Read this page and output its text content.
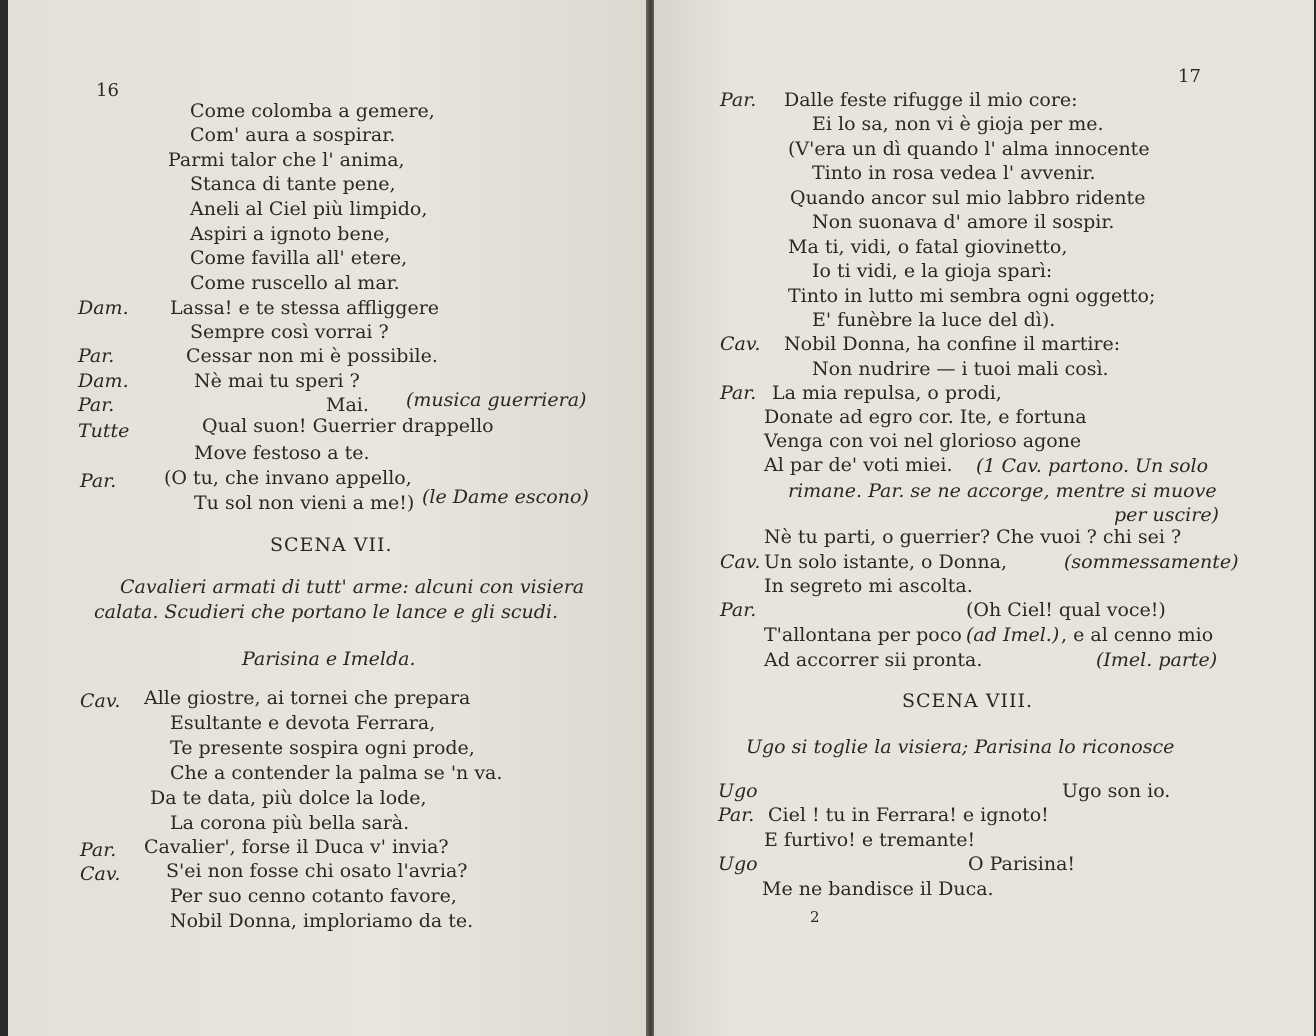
16
Come colomba a gemere,
Com' aura a sospirar.
Parmi talor che l' anima,
Stanca di tante pene,
Aneli al Ciel più limpido,
Aspiri a ignoto bene,
Come favilla all' etere,
Come ruscello al mar.
Dam. Lassa! e te stessa affliggere
Sempre così vorrai ?
Par.	Cessar non mi è possibile.
Dam.	Nè mai tu speri ?
Par.	Mai. (musica guerriera)
Tutte	Qual suon! Guerrier drappello
Move festoso a te.
Par.	(O tu, che invano appello,
Tu sol non vieni a me!) (le Dame escono)
SCENA VII.
Cavalieri armati di tutt' arme: alcuni con visiera
calata. Scudieri che portano le lance e gli scudi.
Parisina e Imelda.
Cav. Alle giostre, ai tornei che prepara
Esultante e devota Ferrara,
Te presente sospira ogni prode,
Che a contender la palma se 'n va.
Da te data, più dolce la lode,
La corona più bella sarà.
Par. Cavalier', forse il Duca v' invia?
Cav. S'ei non fosse chi osato l'avria?
Per suo cenno cotanto favore,
Nobil Donna, imploriamo da te.
17
Par. Dalle feste rifugge il mio core:
Ei lo sa, non vi è gioja per me.
(V'era un dì quando l' alma innocente
Tinto in rosa vedea l' avvenir.
Quando ancor sul mio labbro ridente
Non suonava d' amore il sospir.
Ma ti, vidi, o fatal giovinetto,
Io ti vidi, e la gioja sparì:
Tinto in lutto mi sembra ogni oggetto;
E' funèbre la luce del dì).
Cav. Nobil Donna, ha confine il martire:
Non nudrire — i tuoi mali così.
Par. La mia repulsa, o prodi,
Donate ad egro cor. Ite, e fortuna
Venga con voi nel glorioso agone
Al par de' voti miei. (1 Cav. partono. Un solo
rimane. Par. se ne accorge, mentre si muove
per uscire)
Nè tu parti, o guerrier? Che vuoi ? chi sei ?
Cav. Un solo istante, o Donna,
In segreto mi ascolta.
Par.	(Oh Ciel! qual voce!)
T'allontana per poco
Ad accorrer sii pronta.
(sommessamente)
(ad Imel.) , e al cenno mio
(Imel. parte)
SCENA VIII.
Ugo si toglie la visiera; Parisina lo riconosce
Ugo	Ugo son io.
Par. Ciel ! tu in Ferrara! e ignoto!
E furtivo! e tremante!
Ugo	O Parisina!
Me ne bandisce il Duca.
2
